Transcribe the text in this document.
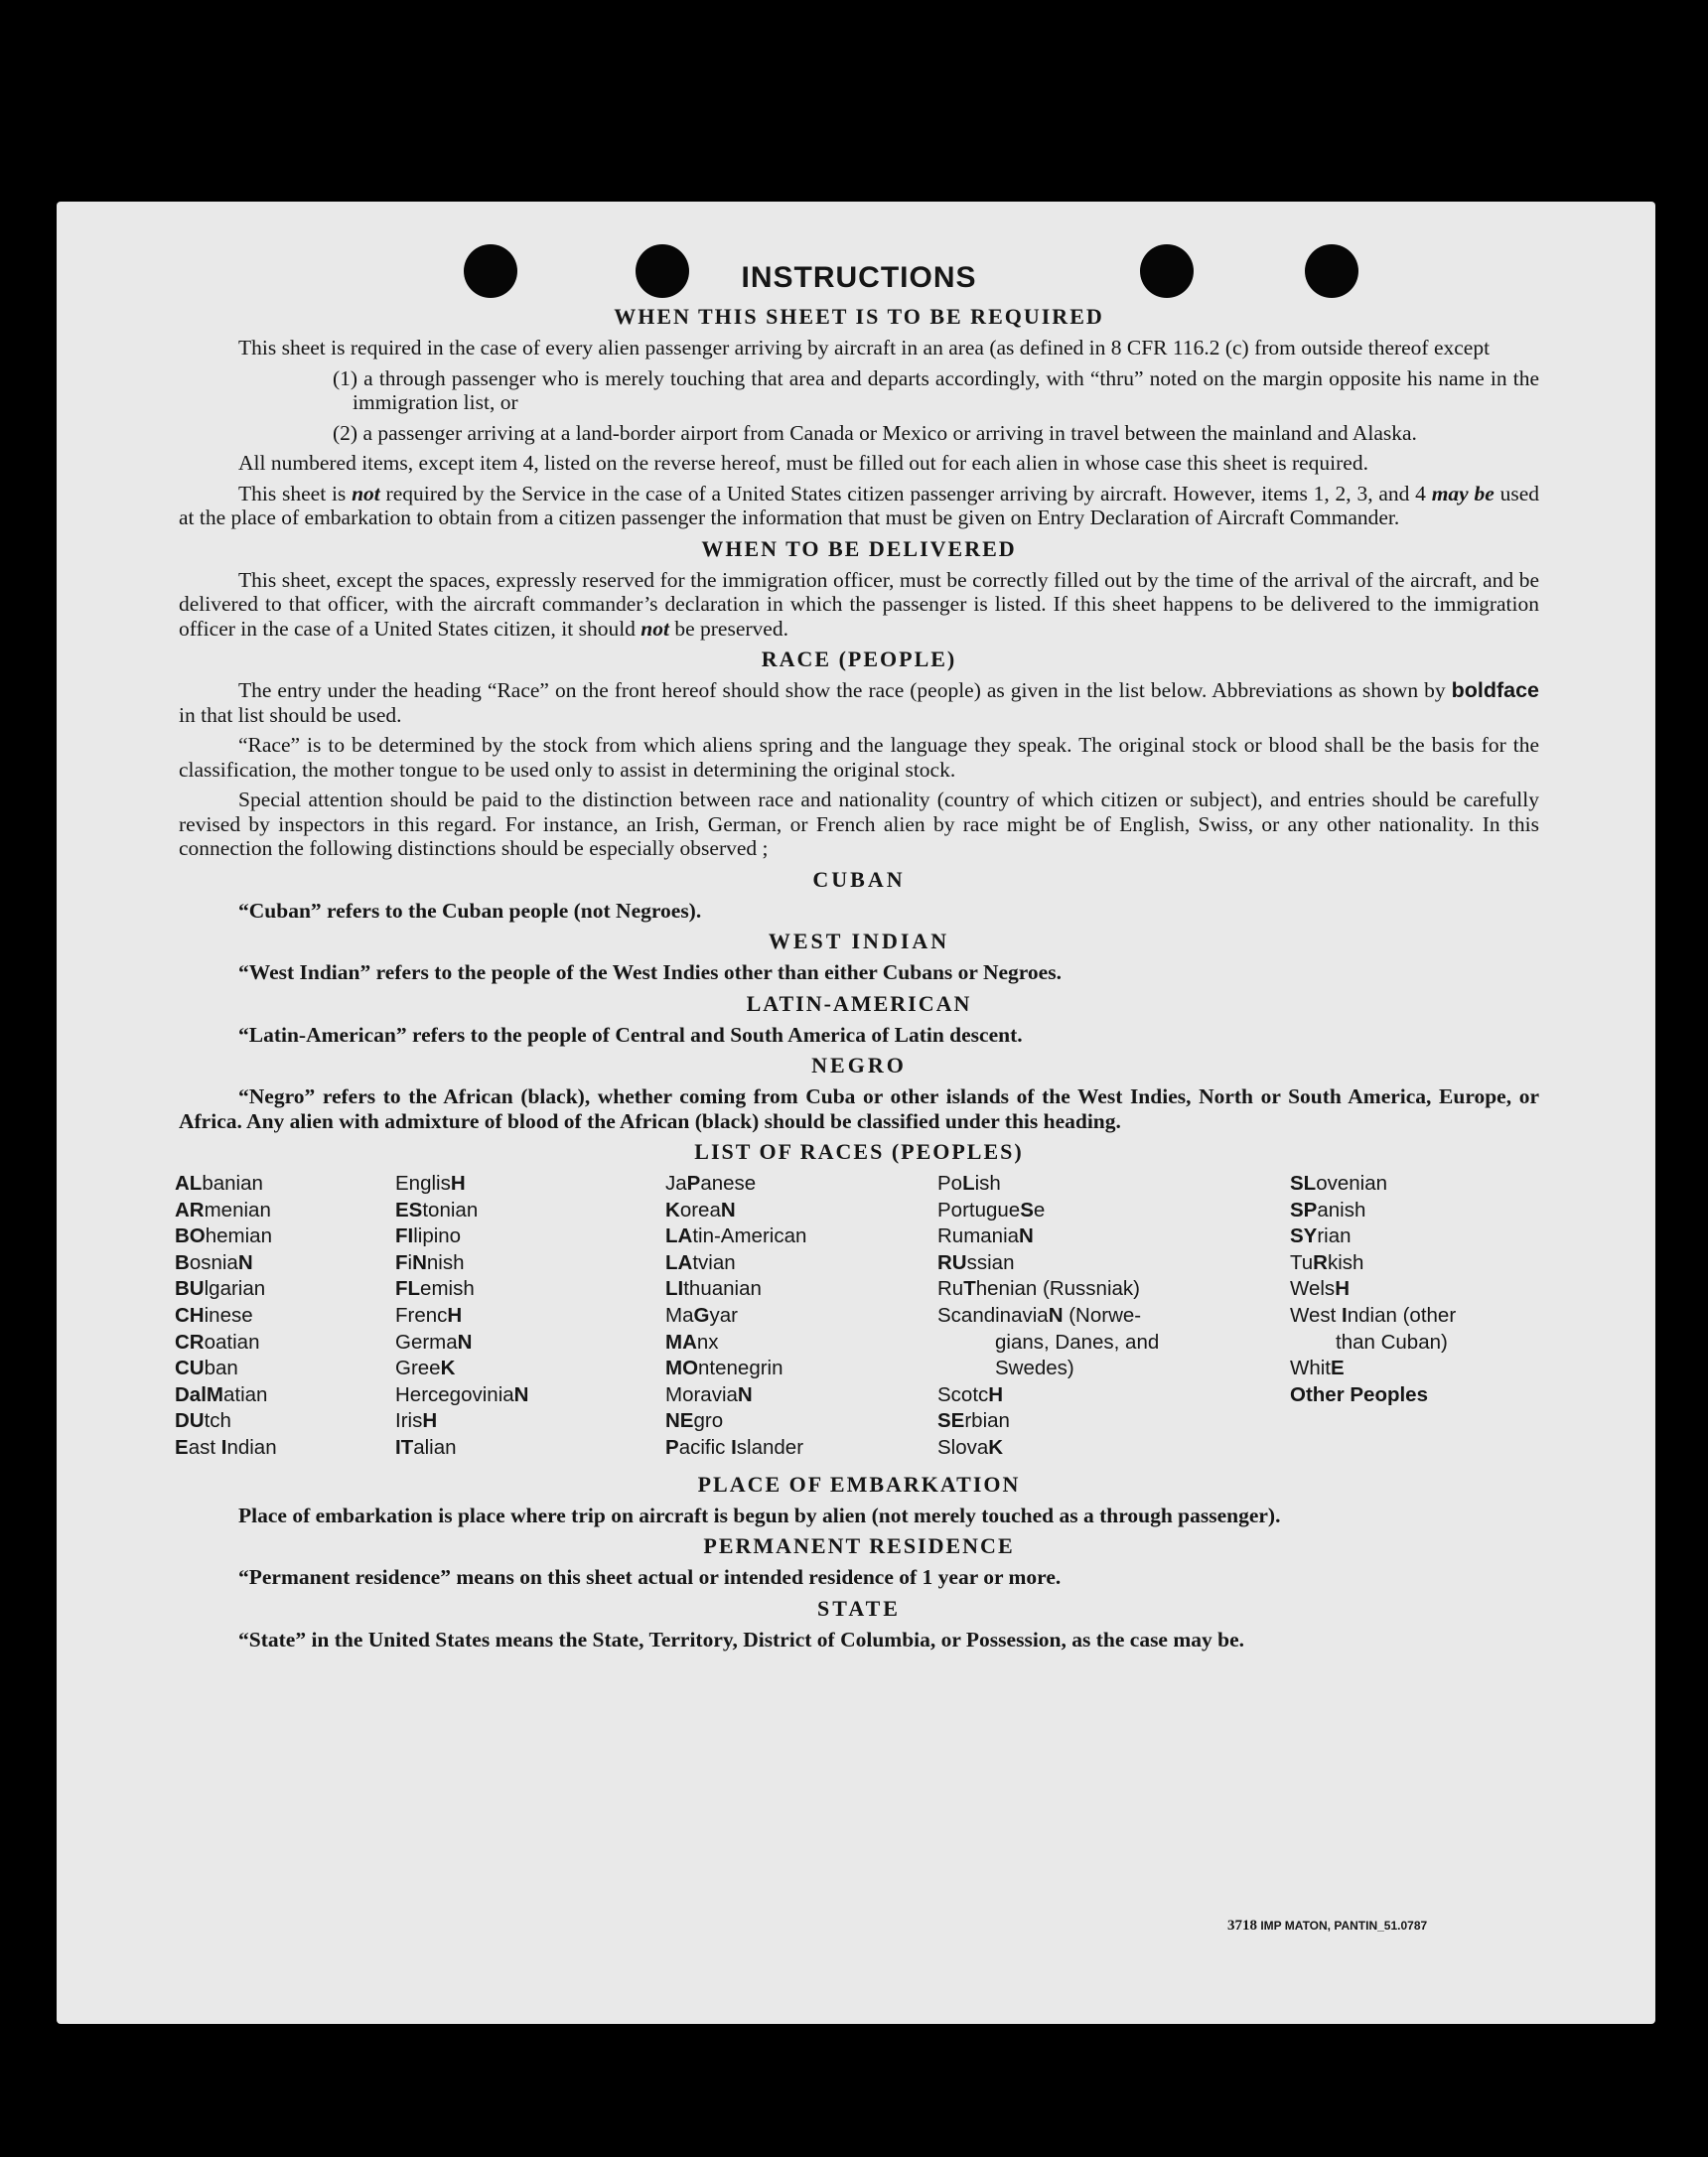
INSTRUCTIONS
WHEN THIS SHEET IS TO BE REQUIRED

This sheet is required in the case of every alien passenger arriving by aircraft in an area (as defined in 8 CFR 116.2 (c) from outside thereof except

(1) a through passenger who is merely touching that area and departs accordingly, with “thru” noted on the margin opposite his name in the immigration list, or

(2) a passenger arriving at a land-border airport from Canada or Mexico or arriving in travel between the mainland and Alaska.

All numbered items, except item 4, listed on the reverse hereof, must be filled out for each alien in whose case this sheet is required.

This sheet is not required by the Service in the case of a United States citizen passenger arriving by aircraft. However, items 1, 2, 3, and 4 may be used at the place of embarkation to obtain from a citizen passenger the information that must be given on Entry Declaration of Aircraft Commander.

WHEN TO BE DELIVERED

This sheet, except the spaces, expressly reserved for the immigration officer, must be correctly filled out by the time of the arrival of the aircraft, and be delivered to that officer, with the aircraft commander’s declaration in which the passenger is listed. If this sheet happens to be delivered to the immigration officer in the case of a United States citizen, it should not be preserved.

RACE (PEOPLE)

The entry under the heading “Race” on the front hereof should show the race (people) as given in the list below. Abbreviations as shown by boldface in that list should be used.

“Race” is to be determined by the stock from which aliens spring and the language they speak. The original stock or blood shall be the basis for the classification, the mother tongue to be used only to assist in determining the original stock.

Special attention should be paid to the distinction between race and nationality (country of which citizen or subject), and entries should be carefully revised by inspectors in this regard. For instance, an Irish, German, or French alien by race might be of English, Swiss, or any other nationality. In this connection the following distinctions should be especially observed ;

CUBAN

“Cuban” refers to the Cuban people (not Negroes).

WEST INDIAN

“West Indian” refers to the people of the West Indies other than either Cubans or Negroes.

LATIN-AMERICAN

“Latin-American” refers to the people of Central and South America of Latin descent.

NEGRO

“Negro” refers to the African (black), whether coming from Cuba or other islands of the West Indies, North or South America, Europe, or Africa. Any alien with admixture of blood of the African (black) should be classified under this heading.

LIST OF RACES (PEOPLES)
ALbanian
ARmenian
BOhemian
BosniaN
BUlgarian
CHinese
CRoatian
CUban
DalMatian
DUtch
East Indian
EnglisH
EStonian
FIlipino
FiNnish
FLemish
FrencH
GermaN
GreeK
HercegoviniaN
IrisH
ITalian
JaPanese
KoreaN
LAtin-American
LAtvian
LIthuanian
MaGyar
MAnx
MOntenegrin
MoraviaN
NEgro
Pacific Islander
PoLish
PortugueSe
RumaniaN
RUssian
RuThenian (Russniak)
ScandinaviaN (Norwe-
gians, Danes, and
Swedes)
ScotcH
SErbian
SlovaK
SLovenian
SPanish
SYrian
TuRkish
WelsH
West Indian (other
than Cuban)
WhitE
Other Peoples
PLACE OF EMBARKATION

Place of embarkation is place where trip on aircraft is begun by alien (not merely touched as a through passenger).

PERMANENT RESIDENCE

“Permanent residence” means on this sheet actual or intended residence of 1 year or more.

STATE

“State” in the United States means the State, Territory, District of Columbia, or Possession, as the case may be.

3718 IMP MATON, PANTIN_51.0787
